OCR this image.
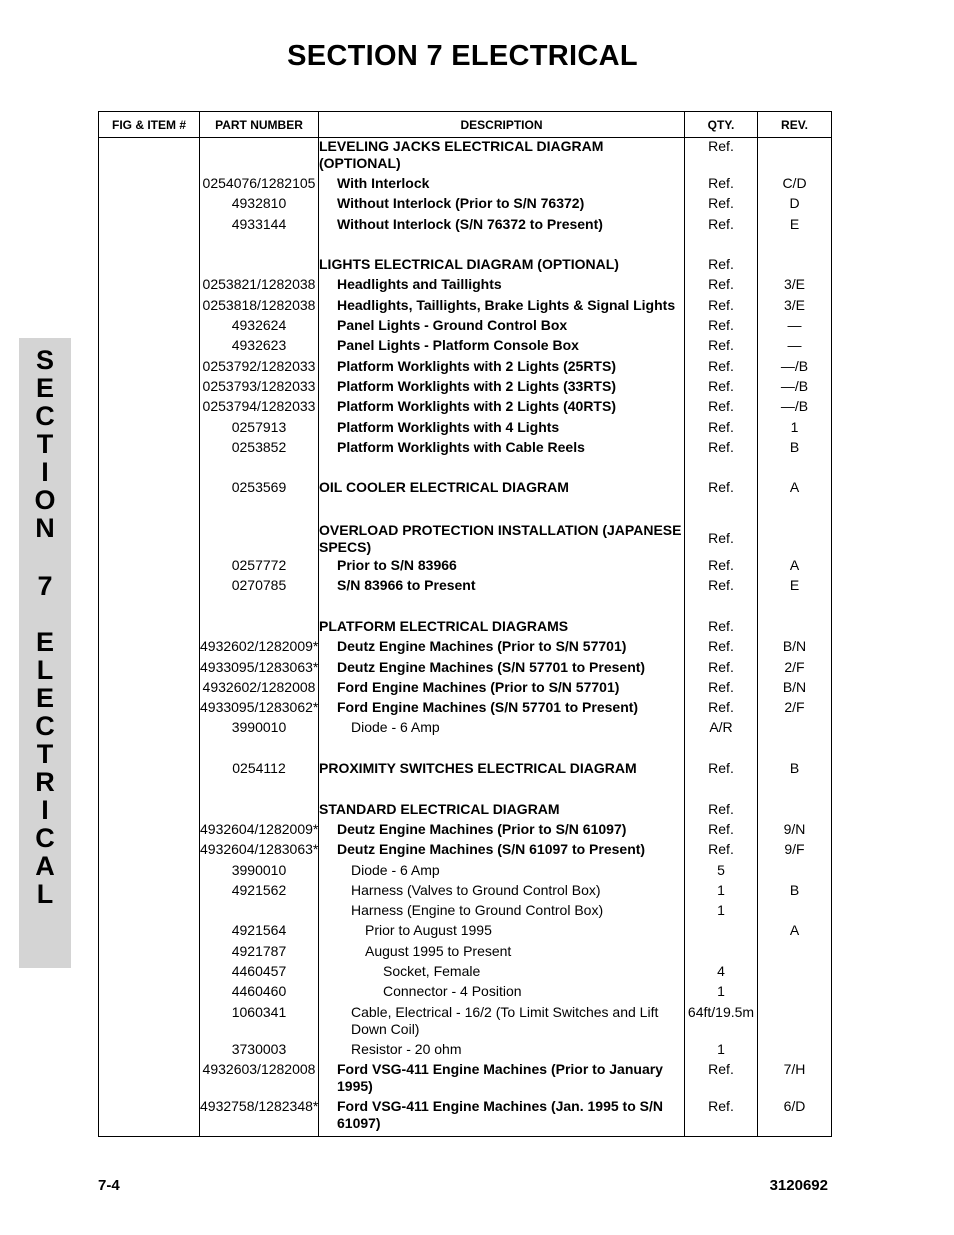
SECTION 7 ELECTRICAL
S
E
C
T
I
O
N
7
E
L
E
C
T
R
I
C
A
L
FIG & ITEM #	PART NUMBER	DESCRIPTION	QTY.	REV.
		LEVELING JACKS ELECTRICAL DIAGRAM (OPTIONAL)	Ref.	
	0254076/1282105	With Interlock	Ref.	C/D
	4932810	Without Interlock (Prior to S/N 76372)	Ref.	D
	4933144	Without Interlock (S/N 76372 to Present)	Ref.	E

		LIGHTS ELECTRICAL DIAGRAM (OPTIONAL)	Ref.	
	0253821/1282038	Headlights and Taillights	Ref.	3/E
	0253818/1282038	Headlights, Taillights, Brake Lights & Signal Lights	Ref.	3/E
	4932624	Panel Lights - Ground Control Box	Ref.	—
	4932623	Panel Lights - Platform Console Box	Ref.	—
	0253792/1282033	Platform Worklights with 2 Lights (25RTS)	Ref.	—/B
	0253793/1282033	Platform Worklights with 2 Lights (33RTS)	Ref.	—/B
	0253794/1282033	Platform Worklights with 2 Lights (40RTS)	Ref.	—/B
	0257913	Platform Worklights with 4 Lights	Ref.	1
	0253852	Platform Worklights with Cable Reels	Ref.	B

	0253569	OIL COOLER ELECTRICAL DIAGRAM	Ref.	A

		OVERLOAD PROTECTION INSTALLATION (JAPANESE SPECS)	Ref.	
	0257772	Prior to S/N 83966	Ref.	A
	0270785	S/N 83966 to Present	Ref.	E

		PLATFORM ELECTRICAL DIAGRAMS	Ref.	
	4932602/1282009*	Deutz Engine Machines (Prior to S/N 57701)	Ref.	B/N
	4933095/1283063*	Deutz Engine Machines (S/N 57701 to Present)	Ref.	2/F
	4932602/1282008	Ford Engine Machines (Prior to S/N 57701)	Ref.	B/N
	4933095/1283062*	Ford Engine Machines (S/N 57701 to Present)	Ref.	2/F
	3990010	Diode - 6 Amp	A/R	

	0254112	PROXIMITY SWITCHES ELECTRICAL DIAGRAM	Ref.	B

		STANDARD ELECTRICAL DIAGRAM	Ref.	
	4932604/1282009*	Deutz Engine Machines (Prior to S/N 61097)	Ref.	9/N
	4932604/1283063*	Deutz Engine Machines (S/N 61097 to Present)	Ref.	9/F
	3990010	Diode - 6 Amp	5	
	4921562	Harness (Valves to Ground Control Box)	1	B
		Harness (Engine to Ground Control Box)	1	
	4921564	Prior to August 1995		A
	4921787	August 1995 to Present		
	4460457	Socket, Female	4	
	4460460	Connector - 4 Position	1	
	1060341	Cable, Electrical - 16/2 (To Limit Switches and Lift Down Coil)	64ft/19.5m	
	3730003	Resistor - 20 ohm	1	
	4932603/1282008	Ford VSG-411 Engine Machines (Prior to January 1995)	Ref.	7/H
	4932758/1282348*	Ford VSG-411 Engine Machines (Jan. 1995 to S/N 61097)	Ref.	6/D
7-4	3120692
